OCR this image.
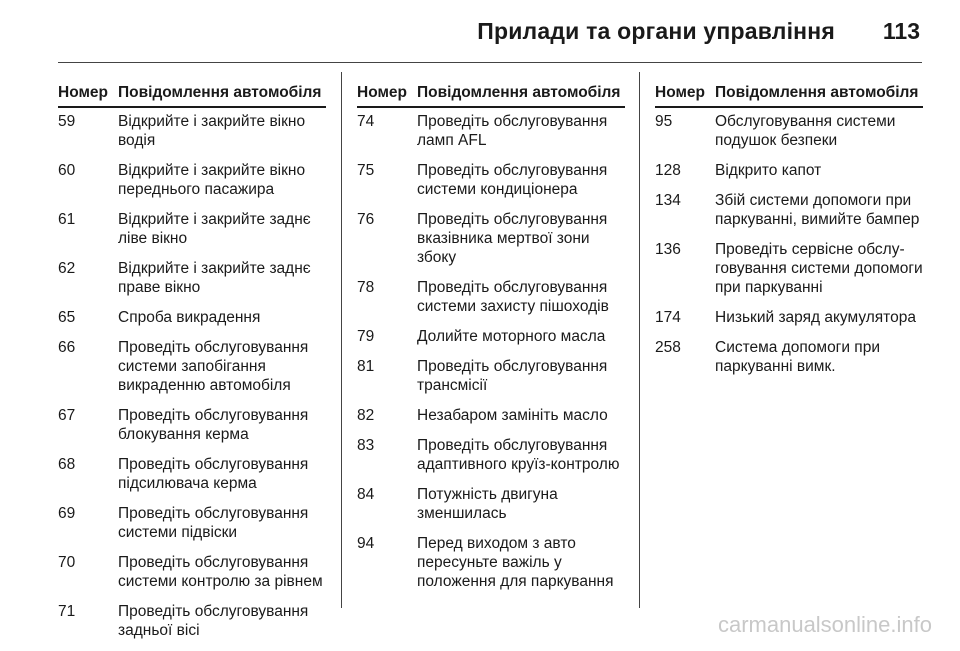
Прилади та органи управління 113
Номер Повідомлення автомобіля
59	Відкрийте і закрийте вікно водія
60	Відкрийте і закрийте вікно переднього пасажира
61	Відкрийте і закрийте заднє ліве вікно
62	Відкрийте і закрийте заднє праве вікно
65	Спроба викрадення
66	Проведіть обслуговування системи запобігання викраденню автомобіля
67	Проведіть обслуговування блокування керма
68	Проведіть обслуговування підсилювача керма
69	Проведіть обслуговування системи підвіски
70	Проведіть обслуговування системи контролю за рівнем
71	Проведіть обслуговування задньої вісі
Номер Повідомлення автомобіля
74	Проведіть обслуговування ламп AFL
75	Проведіть обслуговування системи кондиціонера
76	Проведіть обслуговування вказівника мертвої зони збоку
78	Проведіть обслуговування системи захисту пішоходів
79	Долийте моторного масла
81	Проведіть обслуговування трансмісії
82	Незабаром замініть масло
83	Проведіть обслуговування адаптивного круїз-контролю
84	Потужність двигуна зменшилась
94	Перед виходом з авто пересуньте важіль у положення для паркування
Номер Повідомлення автомобіля
95	Обслуговування системи подушок безпеки
128	Відкрито капот
134	Збій системи допомоги при паркуванні, вимийте бампер
136	Проведіть сервісне обслу-говування системи допомоги при паркуванні
174	Низький заряд акумулятора
258	Система допомоги при паркуванні вимк.
carmanualsonline.info
